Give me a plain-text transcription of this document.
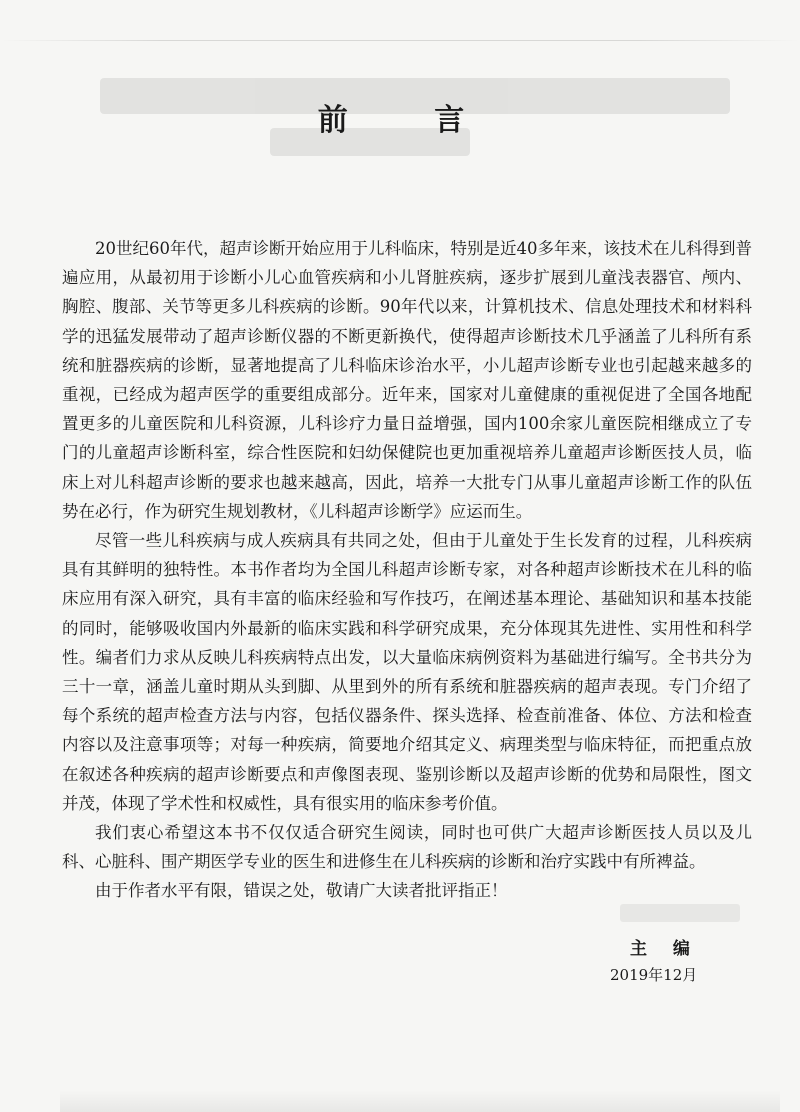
前 言

20世纪60年代，超声诊断开始应用于儿科临床，特别是近40多年来，该技术在儿科得到普遍应用，从最初用于诊断小儿心血管疾病和小儿肾脏疾病，逐步扩展到儿童浅表器官、颅内、胸腔、腹部、关节等更多儿科疾病的诊断。90年代以来，计算机技术、信息处理技术和材料科学的迅猛发展带动了超声诊断仪器的不断更新换代，使得超声诊断技术几乎涵盖了儿科所有系统和脏器疾病的诊断，显著地提高了儿科临床诊治水平，小儿超声诊断专业也引起越来越多的重视，已经成为超声医学的重要组成部分。近年来，国家对儿童健康的重视促进了全国各地配置更多的儿童医院和儿科资源，儿科诊疗力量日益增强，国内100余家儿童医院相继成立了专门的儿童超声诊断科室，综合性医院和妇幼保健院也更加重视培养儿童超声诊断医技人员，临床上对儿科超声诊断的要求也越来越高，因此，培养一大批专门从事儿童超声诊断工作的队伍势在必行，作为研究生规划教材，《儿科超声诊断学》应运而生。

尽管一些儿科疾病与成人疾病具有共同之处，但由于儿童处于生长发育的过程，儿科疾病具有其鲜明的独特性。本书作者均为全国儿科超声诊断专家，对各种超声诊断技术在儿科的临床应用有深入研究，具有丰富的临床经验和写作技巧，在阐述基本理论、基础知识和基本技能的同时，能够吸收国内外最新的临床实践和科学研究成果，充分体现其先进性、实用性和科学性。编者们力求从反映儿科疾病特点出发，以大量临床病例资料为基础进行编写。全书共分为三十一章，涵盖儿童时期从头到脚、从里到外的所有系统和脏器疾病的超声表现。专门介绍了每个系统的超声检查方法与内容，包括仪器条件、探头选择、检查前准备、体位、方法和检查内容以及注意事项等；对每一种疾病，简要地介绍其定义、病理类型与临床特征，而把重点放在叙述各种疾病的超声诊断要点和声像图表现、鉴别诊断以及超声诊断的优势和局限性，图文并茂，体现了学术性和权威性，具有很实用的临床参考价值。

我们衷心希望这本书不仅仅适合研究生阅读，同时也可供广大超声诊断医技人员以及儿科、心脏科、围产期医学专业的医生和进修生在儿科疾病的诊断和治疗实践中有所裨益。

由于作者水平有限，错误之处，敬请广大读者批评指正！

主 编
2019年12月
